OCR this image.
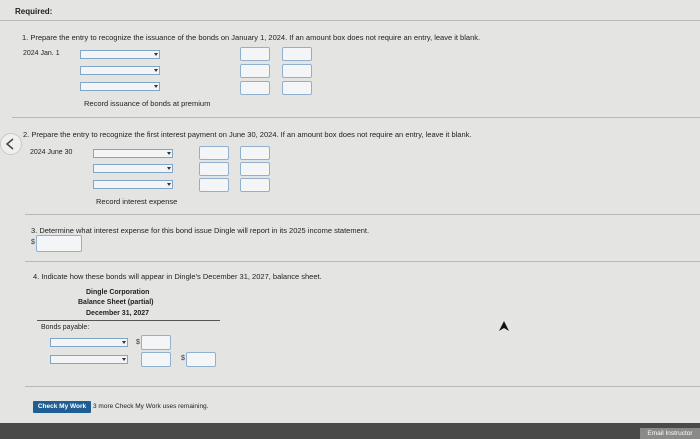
Required:
1. Prepare the entry to recognize the issuance of the bonds on January 1, 2024. If an amount box does not require an entry, leave it blank.
2024 Jan. 1
Record issuance of bonds at premium
2. Prepare the entry to recognize the first interest payment on June 30, 2024. If an amount box does not require an entry, leave it blank.
2024 June 30
Record interest expense
3. Determine what interest expense for this bond issue Dingle will report in its 2025 income statement.
$
4. Indicate how these bonds will appear in Dingle's December 31, 2027, balance sheet.
Dingle Corporation
Balance Sheet (partial)
December 31, 2027
Bonds payable:
$
$
Check My Work	3 more Check My Work uses remaining.
Email Instructor
